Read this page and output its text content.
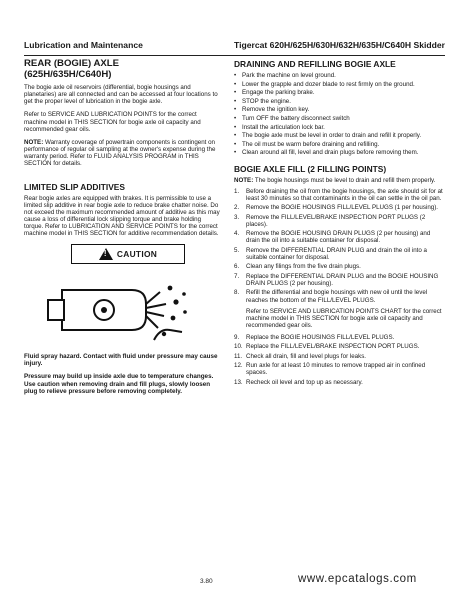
Lubrication and Maintenance	Tigercat 620H/625H/630H/632H/635H/C640H Skidder
REAR (BOGIE) AXLE
(625H/635H/C640H)

The bogie axle oil reservoirs (differential, bogie housings and planetaries) are all connected and can be accessed at four locations to get the proper level of lubrication in the bogie axle.

Refer to SERVICE AND LUBRICATION POINTS for the correct machine model in THIS SECTION for bogie axle oil capacity and recommended gear oils.

NOTE: Warranty coverage of powertrain components is contingent on performance of regular oil sampling at the owner's expense during the warranty period. Refer to FLUID ANALYSIS PROGRAM in THIS SECTION for details.

LIMITED SLIP ADDITIVES

Rear bogie axles are equipped with brakes. It is permissible to use a limited slip additive in rear bogie axle to reduce brake chatter noise. Do not exceed the maximum recommended amount of additive as this may cause a loss of differential lock slipping torque and brake holding torque. Refer to LUBRICATION AND SERVICE POINTS for the correct machine model in THIS SECTION for additive recommendation details.

!
CAUTION

Fluid spray hazard. Contact with fluid under pressure may cause injury.

Pressure may build up inside axle due to temperature changes. Use caution when removing drain and fill plugs, slowly loosen plug to relieve pressure before removing completely.

DRAINING AND REFILLING BOGIE AXLE
• Park the machine on level ground.
• Lower the grapple and dozer blade to rest firmly on the ground.
• Engage the parking brake.
• STOP the engine.
• Remove the ignition key.
• Turn OFF the battery disconnect switch
• Install the articulation lock bar.
• The bogie axle must be level in order to drain and refill it properly.
• The oil must be warm before draining and refilling.
• Clean around all fill, level and drain plugs before removing them.
BOGIE AXLE FILL (2 FILLING POINTS)

NOTE: The bogie housings must be level to drain and refill them properly.

1. Before draining the oil from the bogie housings, the axle should sit for at least 30 minutes so that contaminants in the oil can settle in the oil pan.
2. Remove the BOGIE HOUSINGS FILL/LEVEL PLUGS (1 per housing).
3. Remove the FILL/LEVEL/BRAKE INSPECTION PORT PLUGS (2 places).
4. Remove the BOGIE HOUSING DRAIN PLUGS (2 per housing) and drain the oil into a suitable container for disposal.
5. Remove the DIFFERENTIAL DRAIN PLUG and drain the oil into a suitable container for disposal.
6. Clean any filings from the five drain plugs.
7. Replace the DIFFERENTIAL DRAIN PLUG and the BOGIE HOUSING DRAIN PLUGS (2 per housing).
8. Refill the differential and bogie housings with new oil until the level reaches the bottom of the FILL/LEVEL PLUGS.

Refer to SERVICE AND LUBRICATION POINTS CHART for the correct machine model in THIS SECTION for bogie axle oil capacity and recommended gear oils.

9. Replace the BOGIE HOUSINGS FILL/LEVEL PLUGS.
10. Replace the FILL/LEVEL/BRAKE INSPECTION PORT PLUGS.
11. Check all drain, fill and level plugs for leaks.
12. Run axle for at least 10 minutes to remove trapped air in confined spaces.
13. Recheck oil level and top up as necessary.
3.80	www.epcatalogs.com
